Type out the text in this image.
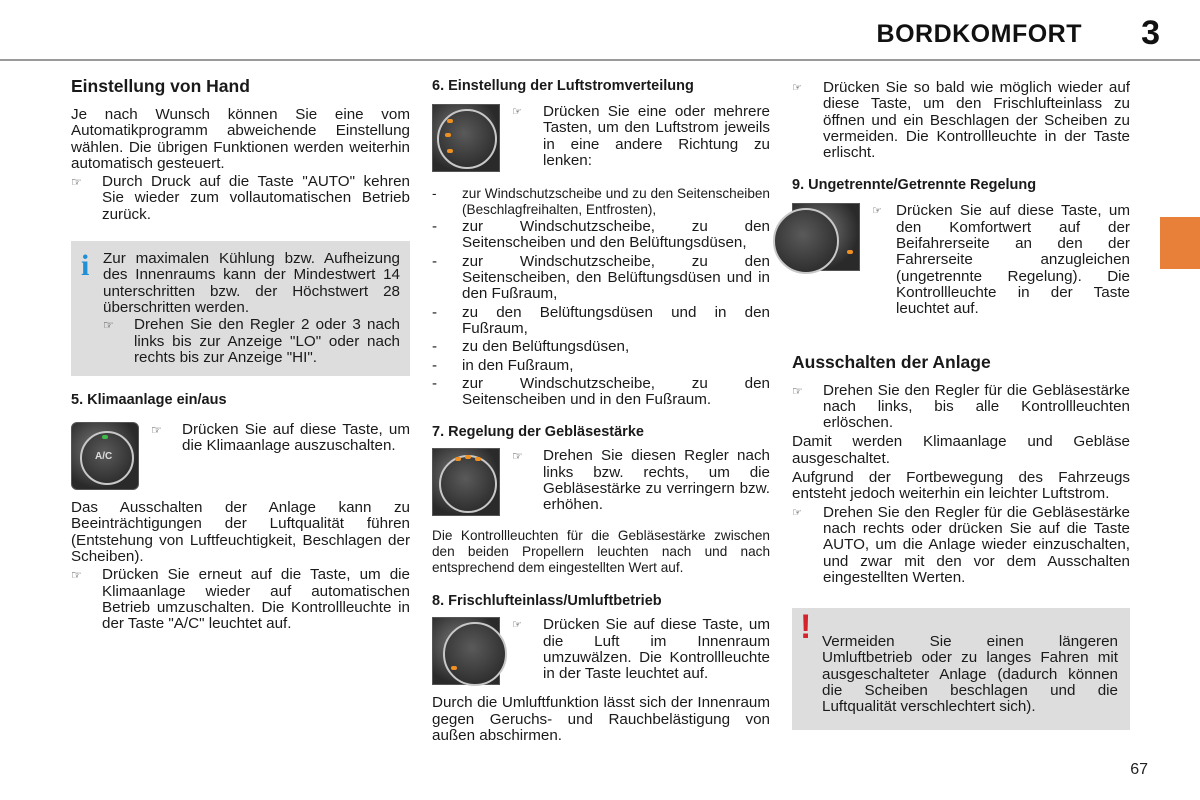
BORDKOMFORT 3
67
Einstellung von Hand

Je nach Wunsch können Sie eine vom Automatikprogramm abweichende Einstellung wählen. Die übrigen Funktionen werden weiterhin automatisch gesteuert.

☞ Durch Druck auf die Taste "AUTO" kehren Sie wieder zum vollautomatischen Betrieb zurück.
i Zur maximalen Kühlung bzw. Aufheizung des Innenraums kann der Mindestwert 14 unterschritten bzw. der Höchstwert 28 überschritten werden.

☞ Drehen Sie den Regler 2 oder 3 nach links bis zur Anzeige "LO" oder nach rechts bis zur Anzeige "HI".
5. Klimaanlage ein/aus
A/C
☞ Drücken Sie auf diese Taste, um die Klimaanlage auszuschalten.

Das Ausschalten der Anlage kann zu Beeinträchtigungen der Luftqualität führen (Entstehung von Luftfeuchtigkeit, Beschlagen der Scheiben).

☞ Drücken Sie erneut auf die Taste, um die Klimaanlage wieder auf automatischen Betrieb umzuschalten. Die Kontrollleuchte in der Taste "A/C" leuchtet auf.
6. Einstellung der Luftstromverteilung
☞ Drücken Sie eine oder mehrere Tasten, um den Luftstrom jeweils in eine andere Richtung zu lenken:
- zur Windschutzscheibe und zu den Seitenscheiben (Beschlagfreihalten, Entfrosten),
- zur Windschutzscheibe, zu den Seitenscheiben und den Belüftungsdüsen,
- zur Windschutzscheibe, zu den Seitenscheiben, den Belüftungsdüsen und in den Fußraum,
- zu den Belüftungsdüsen und in den Fußraum,
- zu den Belüftungsdüsen,
- in den Fußraum,
- zur Windschutzscheibe, zu den Seitenscheiben und in den Fußraum.
7. Regelung der Gebläsestärke
☞ Drehen Sie diesen Regler nach links bzw. rechts, um die Gebläsestärke zu verringern bzw. erhöhen.

Die Kontrollleuchten für die Gebläsestärke zwischen den beiden Propellern leuchten nach und nach entsprechend dem eingestellten Wert auf.

8. Frischlufteinlass/Umluftbetrieb
☞ Drücken Sie auf diese Taste, um die Luft im Innenraum umzuwälzen. Die Kontrollleuchte in der Taste leuchtet auf.

Durch die Umluftfunktion lässt sich der Innenraum gegen Geruchs- und Rauchbelästigung von außen abschirmen.

☞ Drücken Sie so bald wie möglich wieder auf diese Taste, um den Frischlufteinlass zu öffnen und ein Beschlagen der Scheiben zu vermeiden. Die Kontrollleuchte in der Taste erlischt.
9. Ungetrennte/Getrennte Regelung
☞ Drücken Sie auf diese Taste, um den Komfortwert auf der Beifahrerseite an den der Fahrerseite anzugleichen (ungetrennte Regelung). Die Kontrollleuchte in der Taste leuchtet auf.
Ausschalten der Anlage
☞ Drehen Sie den Regler für die Gebläsestärke nach links, bis alle Kontrollleuchten erlöschen.

Damit werden Klimaanlage und Gebläse ausgeschaltet.

Aufgrund der Fortbewegung des Fahrzeugs entsteht jedoch weiterhin ein leichter Luftstrom.

☞ Drehen Sie den Regler für die Gebläsestärke nach rechts oder drücken Sie auf die Taste AUTO, um die Anlage wieder einzuschalten, und zwar mit den vor dem Ausschalten eingestellten Werten.
! Vermeiden Sie einen längeren Umluftbetrieb oder zu langes Fahren mit ausgeschalteter Anlage (dadurch können die Scheiben beschlagen und die Luftqualität verschlechtert sich).
